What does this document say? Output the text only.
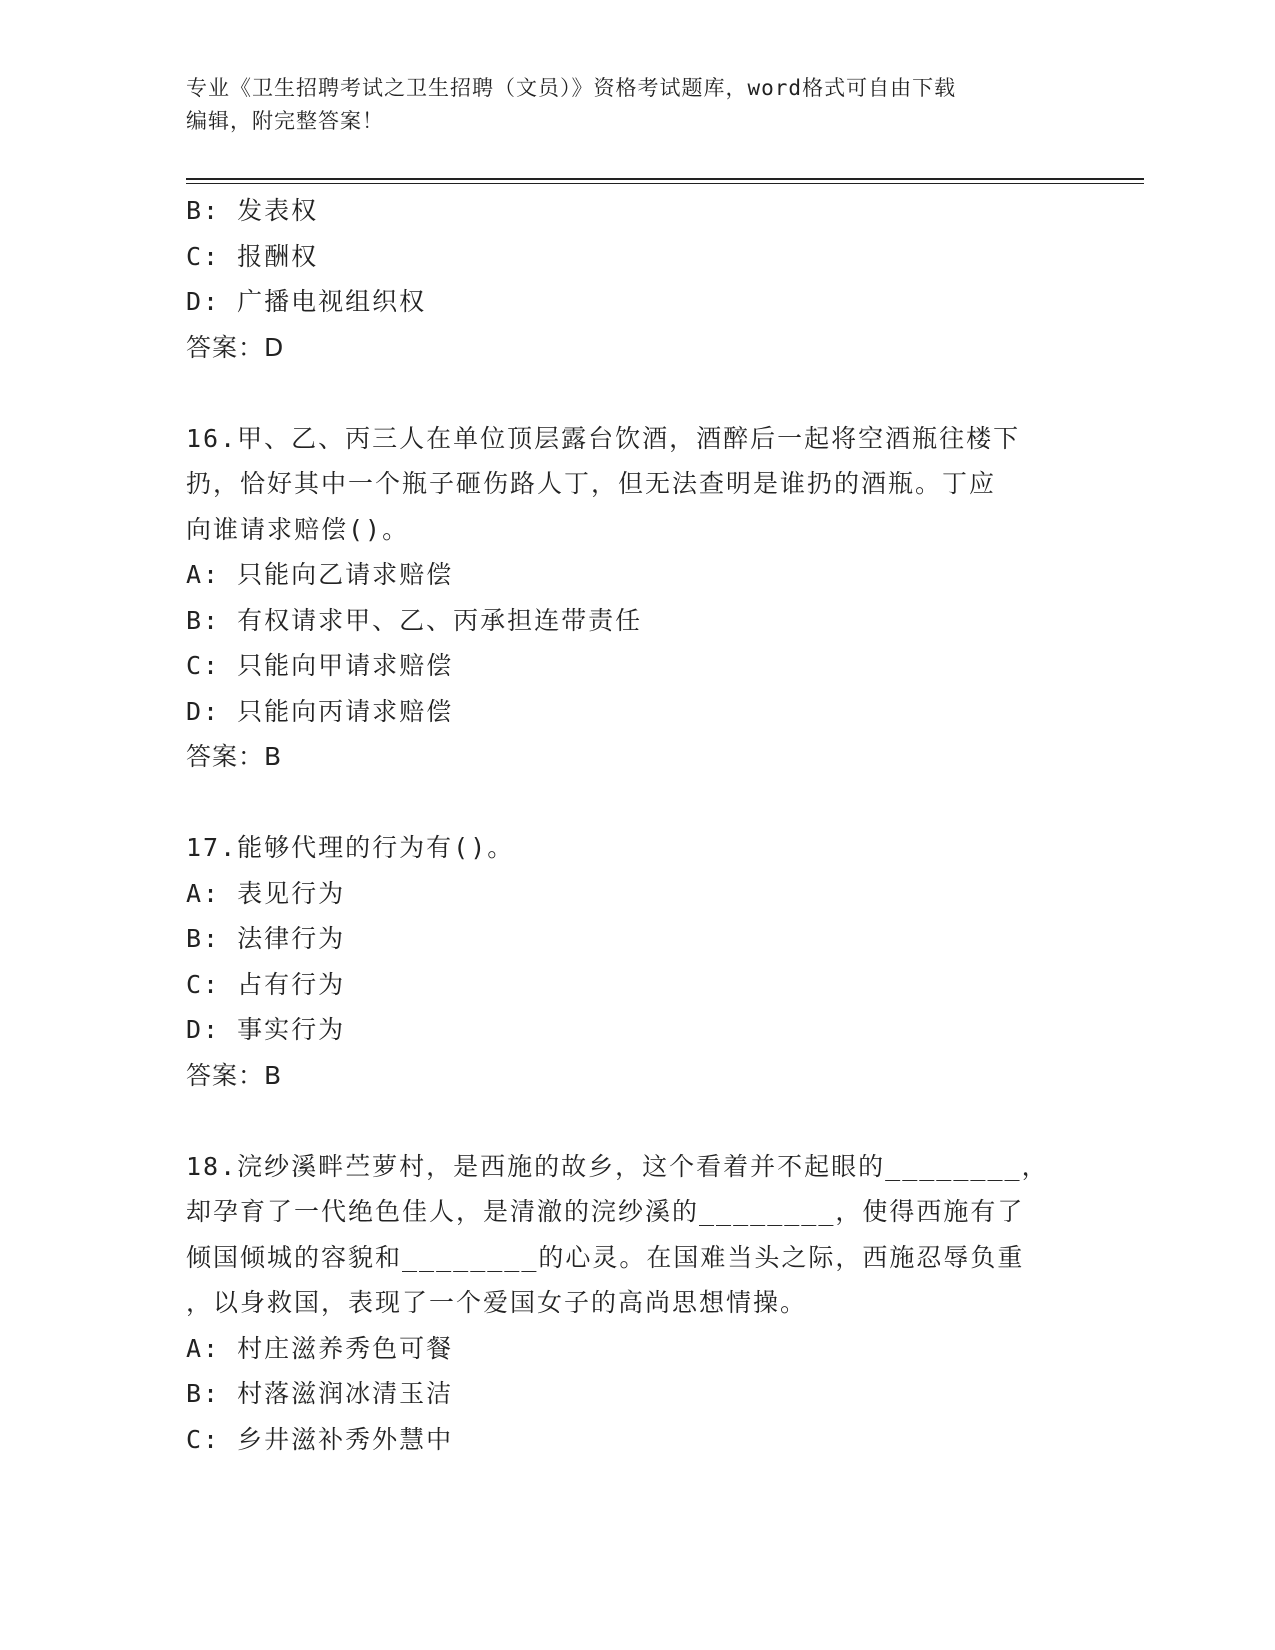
专业《卫生招聘考试之卫生招聘（文员）》资格考试题库，word格式可自由下载
编辑，附完整答案！
B: 发表权
C: 报酬权
D: 广播电视组织权
答案：D
16.甲、乙、丙三人在单位顶层露台饮酒，酒醉后一起将空酒瓶往楼下
扔，恰好其中一个瓶子砸伤路人丁，但无法查明是谁扔的酒瓶。丁应
向谁请求赔偿()。
A: 只能向乙请求赔偿
B: 有权请求甲、乙、丙承担连带责任
C: 只能向甲请求赔偿
D: 只能向丙请求赔偿
答案：B
17.能够代理的行为有()。
A: 表见行为
B: 法律行为
C: 占有行为
D: 事实行为
答案：B
18.浣纱溪畔苎萝村，是西施的故乡，这个看着并不起眼的________，
却孕育了一代绝色佳人，是清澈的浣纱溪的________，使得西施有了
倾国倾城的容貌和________的心灵。在国难当头之际，西施忍辱负重
，以身救国，表现了一个爱国女子的高尚思想情操。
A: 村庄滋养秀色可餐
B: 村落滋润冰清玉洁
C: 乡井滋补秀外慧中
